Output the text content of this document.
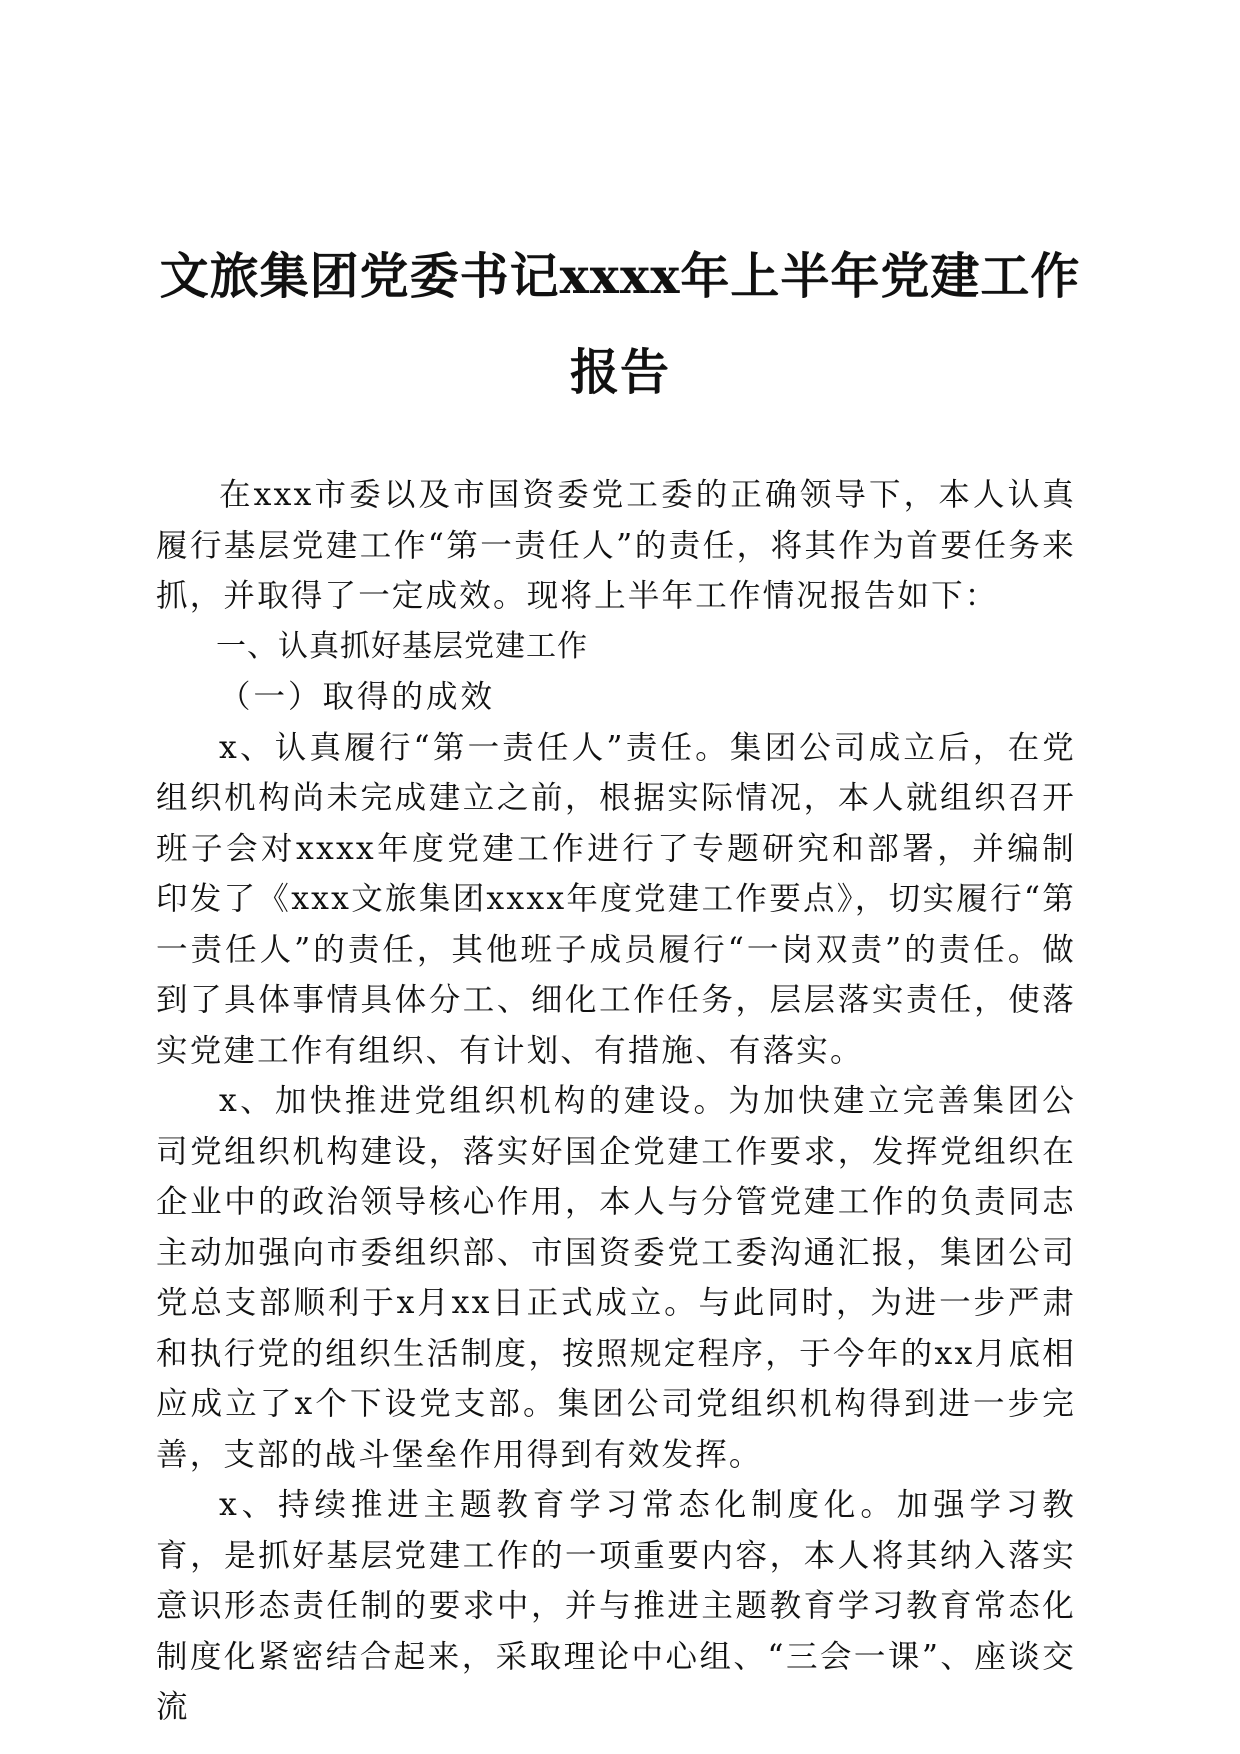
文旅集团党委书记xxxx年上半年党建工作报告

在xxx市委以及市国资委党工委的正确领导下，本人认真履行基层党建工作“第一责任人”的责任，将其作为首要任务来抓，并取得了一定成效。现将上半年工作情况报告如下：

一、认真抓好基层党建工作

（一）取得的成效

x、认真履行“第一责任人”责任。集团公司成立后，在党组织机构尚未完成建立之前，根据实际情况，本人就组织召开班子会对xxxx年度党建工作进行了专题研究和部署，并编制印发了《xxx文旅集团xxxx年度党建工作要点》，切实履行“第一责任人”的责任，其他班子成员履行“一岗双责”的责任。做到了具体事情具体分工、细化工作任务，层层落实责任，使落实党建工作有组织、有计划、有措施、有落实。

x、加快推进党组织机构的建设。为加快建立完善集团公司党组织机构建设，落实好国企党建工作要求，发挥党组织在企业中的政治领导核心作用，本人与分管党建工作的负责同志主动加强向市委组织部、市国资委党工委沟通汇报，集团公司党总支部顺利于x月xx日正式成立。与此同时，为进一步严肃和执行党的组织生活制度，按照规定程序，于今年的xx月底相应成立了x个下设党支部。集团公司党组织机构得到进一步完善，支部的战斗堡垒作用得到有效发挥。

x、持续推进主题教育学习常态化制度化。加强学习教育，是抓好基层党建工作的一项重要内容，本人将其纳入落实意识形态责任制的要求中，并与推进主题教育学习教育常态化制度化紧密结合起来，采取理论中心组、“三会一课”、座谈交流
